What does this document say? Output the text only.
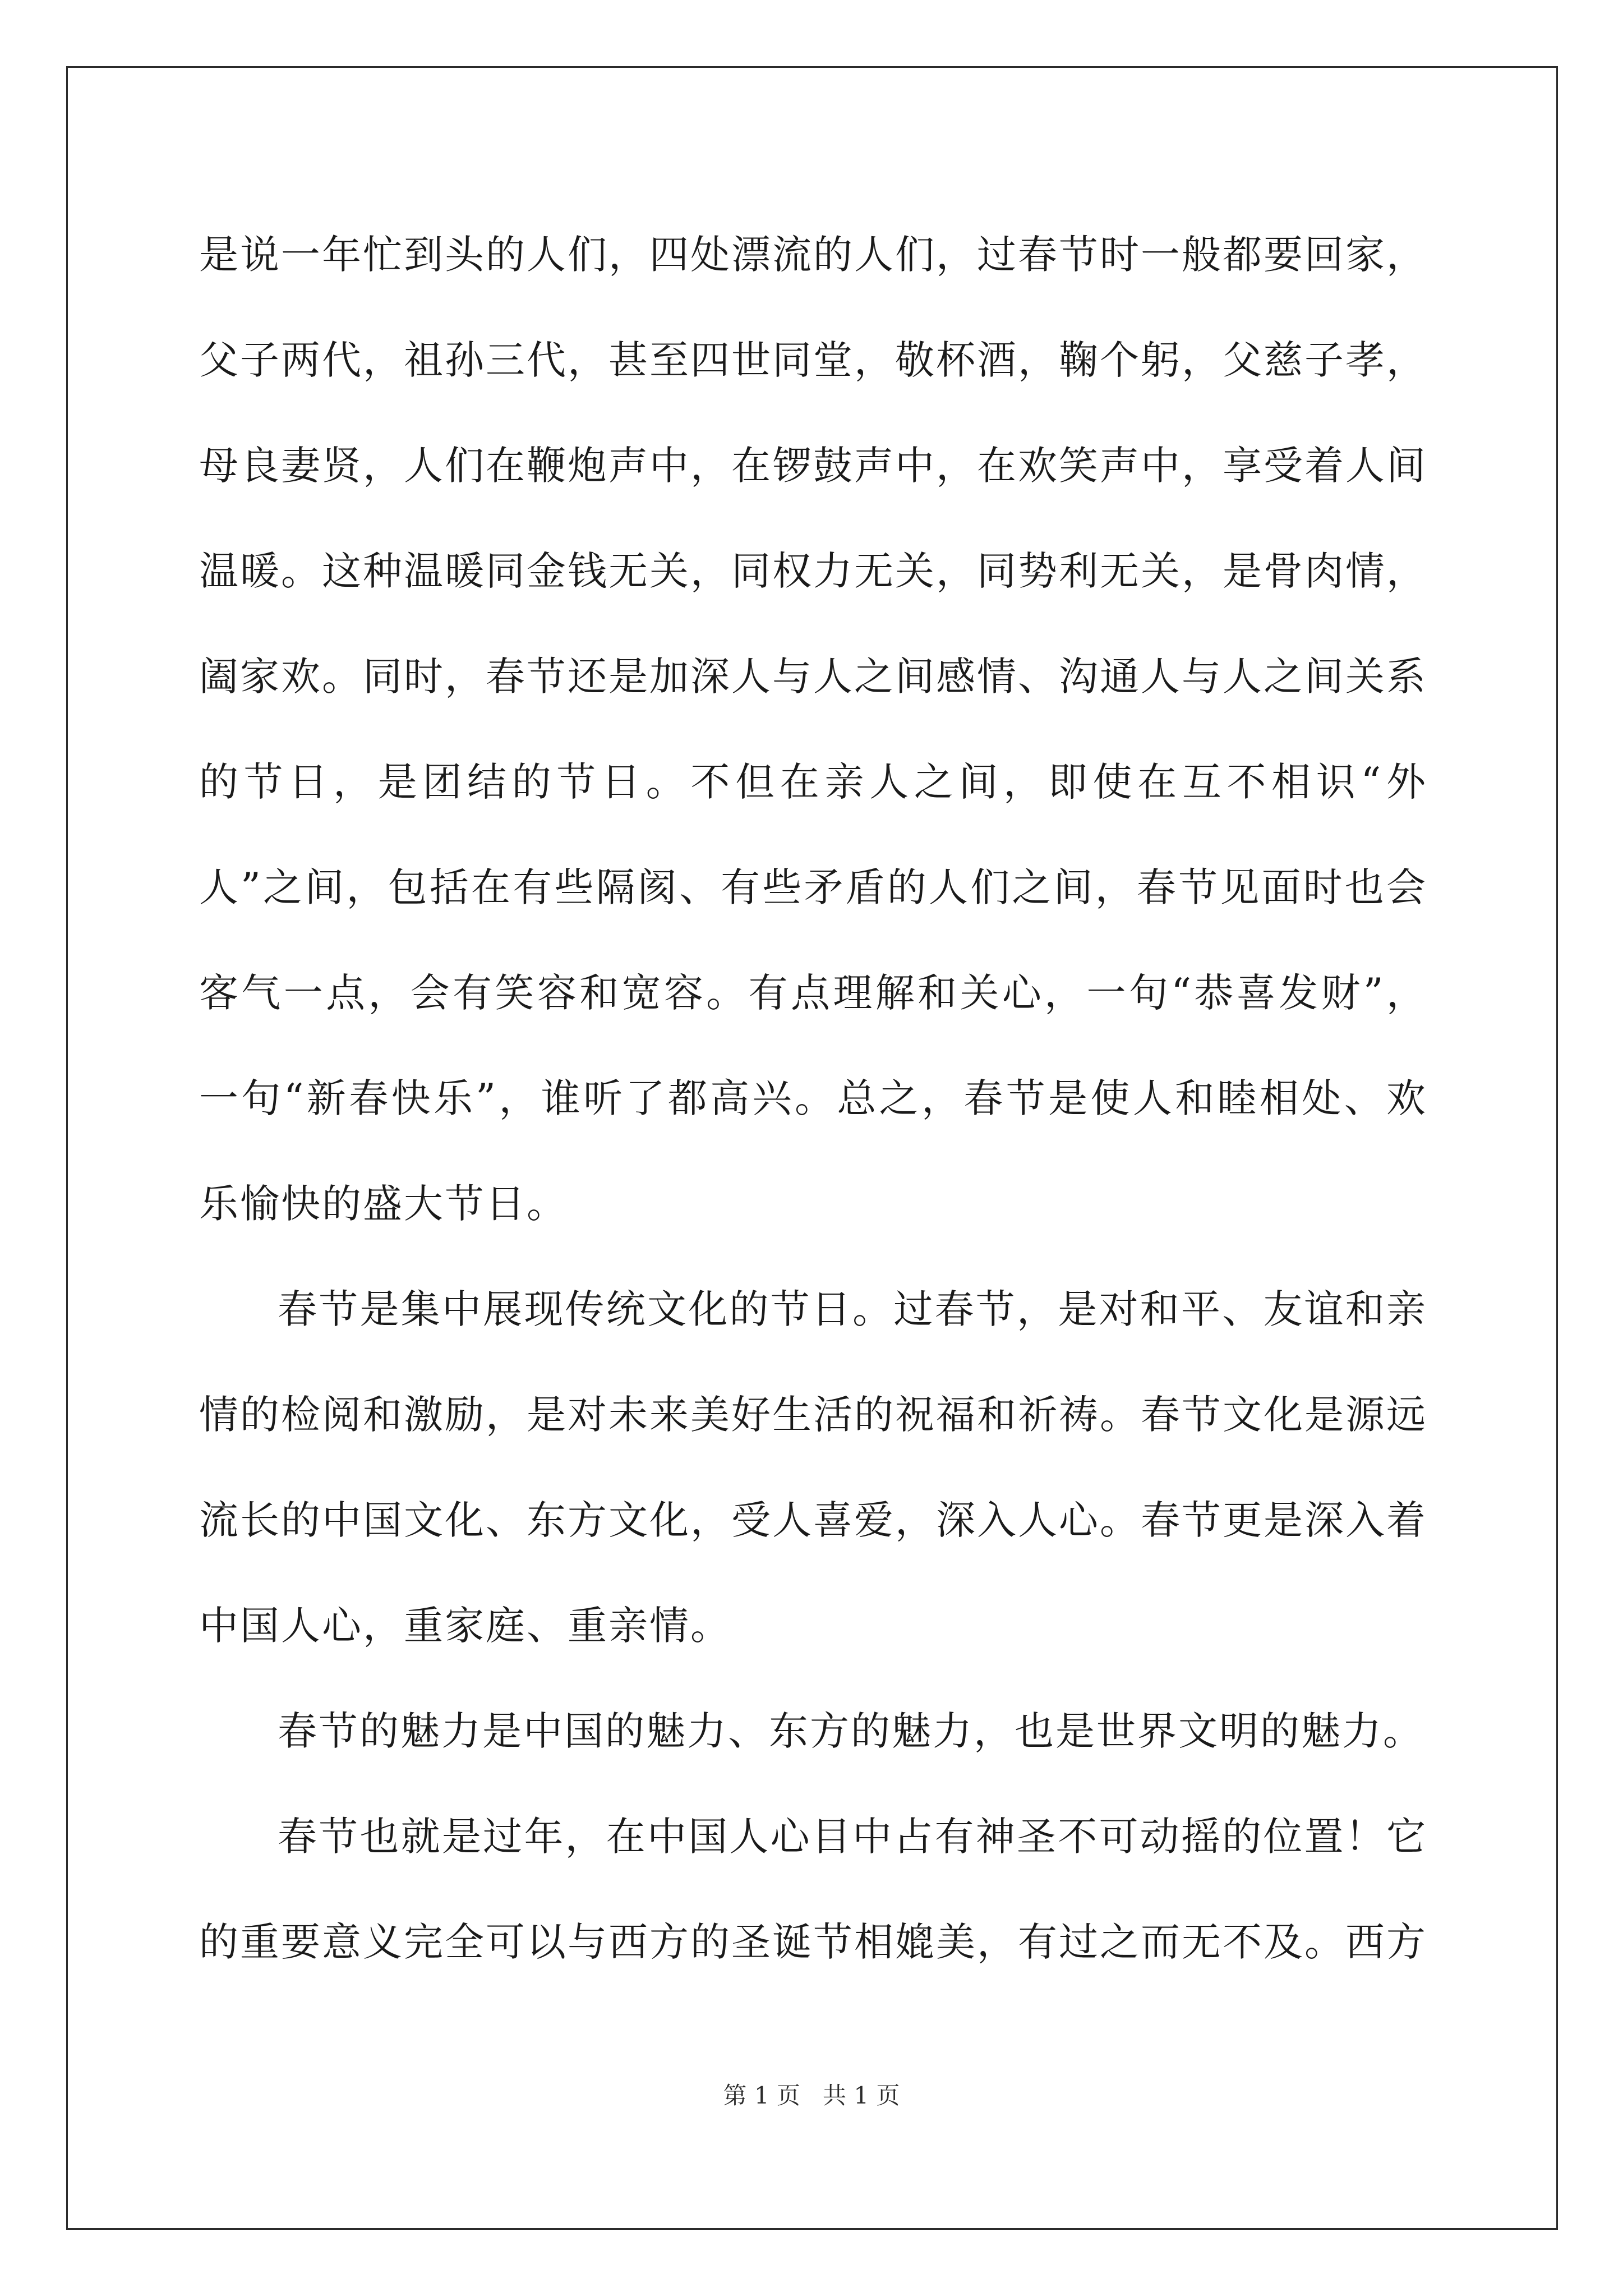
是说一年忙到头的人们，四处漂流的人们，过春节时一般都要回家，父子两代，祖孙三代，甚至四世同堂，敬杯酒，鞠个躬，父慈子孝，母良妻贤，人们在鞭炮声中，在锣鼓声中，在欢笑声中，享受着人间温暖。这种温暖同金钱无关，同权力无关，同势利无关，是骨肉情，阖家欢。同时，春节还是加深人与人之间感情、沟通人与人之间关系的节日，是团结的节日。不但在亲人之间，即使在互不相识“外人”之间，包括在有些隔阂、有些矛盾的人们之间，春节见面时也会客气一点，会有笑容和宽容。有点理解和关心，一句“恭喜发财”，一句“新春快乐”，谁听了都高兴。总之，春节是使人和睦相处、欢乐愉快的盛大节日。

春节是集中展现传统文化的节日。过春节，是对和平、友谊和亲情的检阅和激励，是对未来美好生活的祝福和祈祷。春节文化是源远流长的中国文化、东方文化，受人喜爱，深入人心。春节更是深入着中国人心，重家庭、重亲情。

春节的魅力是中国的魅力、东方的魅力，也是世界文明的魅力。

春节也就是过年，在中国人心目中占有神圣不可动摇的位置！它的重要意义完全可以与西方的圣诞节相媲美，有过之而无不及。西方

第 1 页   共 1 页
